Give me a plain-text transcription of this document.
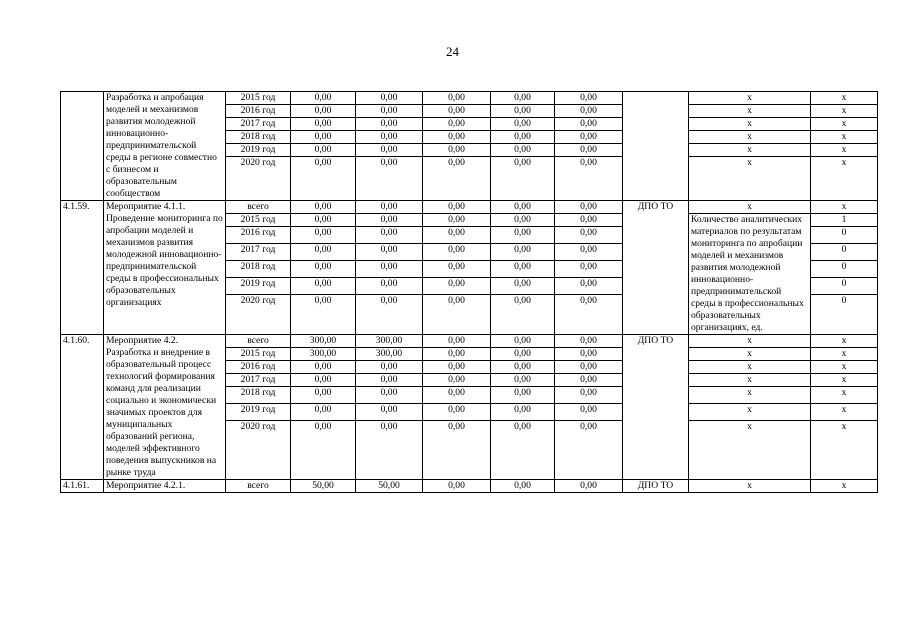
24
	Разработка и апробация моделей и механизмов развития молодежной инновационно-предпринимательской среды в регионе совместно с бизнесом и образовательным сообществом	2015 год	0,00	0,00	0,00	0,00	0,00		x	x
		2016 год	0,00	0,00	0,00	0,00	0,00		x	x
		2017 год	0,00	0,00	0,00	0,00	0,00		x	x
		2018 год	0,00	0,00	0,00	0,00	0,00		x	x
		2019 год	0,00	0,00	0,00	0,00	0,00		x	x
		2020 год	0,00	0,00	0,00	0,00	0,00		x	x

4.1.59.	Мероприятие 4.1.1. Проведение мониторинга по апробации моделей и механизмов развития молодежной инновационно-предпринимательской среды в профессиональных образовательных организациях	всего	0,00	0,00	0,00	0,00	0,00	ДПО ТО	x	x
		2015 год	0,00	0,00	0,00	0,00	0,00		Количество аналитических материалов по результатам мониторинга по апробации моделей и механизмов развития молодежной инновационно-предпринимательской среды в профессиональных образовательных организациях, ед.	1
		2016 год	0,00	0,00	0,00	0,00	0,00			0
		2017 год	0,00	0,00	0,00	0,00	0,00			0
		2018 год	0,00	0,00	0,00	0,00	0,00			0
		2019 год	0,00	0,00	0,00	0,00	0,00			0
		2020 год	0,00	0,00	0,00	0,00	0,00			0

4.1.60.	Мероприятие 4.2. Разработка и внедрение в образовательный процесс технологий формирования команд для реализации социально и экономически значимых проектов для муниципальных образований региона, моделей эффективного поведения выпускников на рынке труда	всего	300,00	300,00	0,00	0,00	0,00	ДПО ТО	x	x
		2015 год	300,00	300,00	0,00	0,00	0,00		x	x
		2016 год	0,00	0,00	0,00	0,00	0,00		x	x
		2017 год	0,00	0,00	0,00	0,00	0,00		x	x
		2018 год	0,00	0,00	0,00	0,00	0,00		x	x
		2019 год	0,00	0,00	0,00	0,00	0,00		x	x
		2020 год	0,00	0,00	0,00	0,00	0,00		x	x

4.1.61.	Мероприятие 4.2.1.	всего	50,00	50,00	0,00	0,00	0,00	ДПО ТО	x	x
